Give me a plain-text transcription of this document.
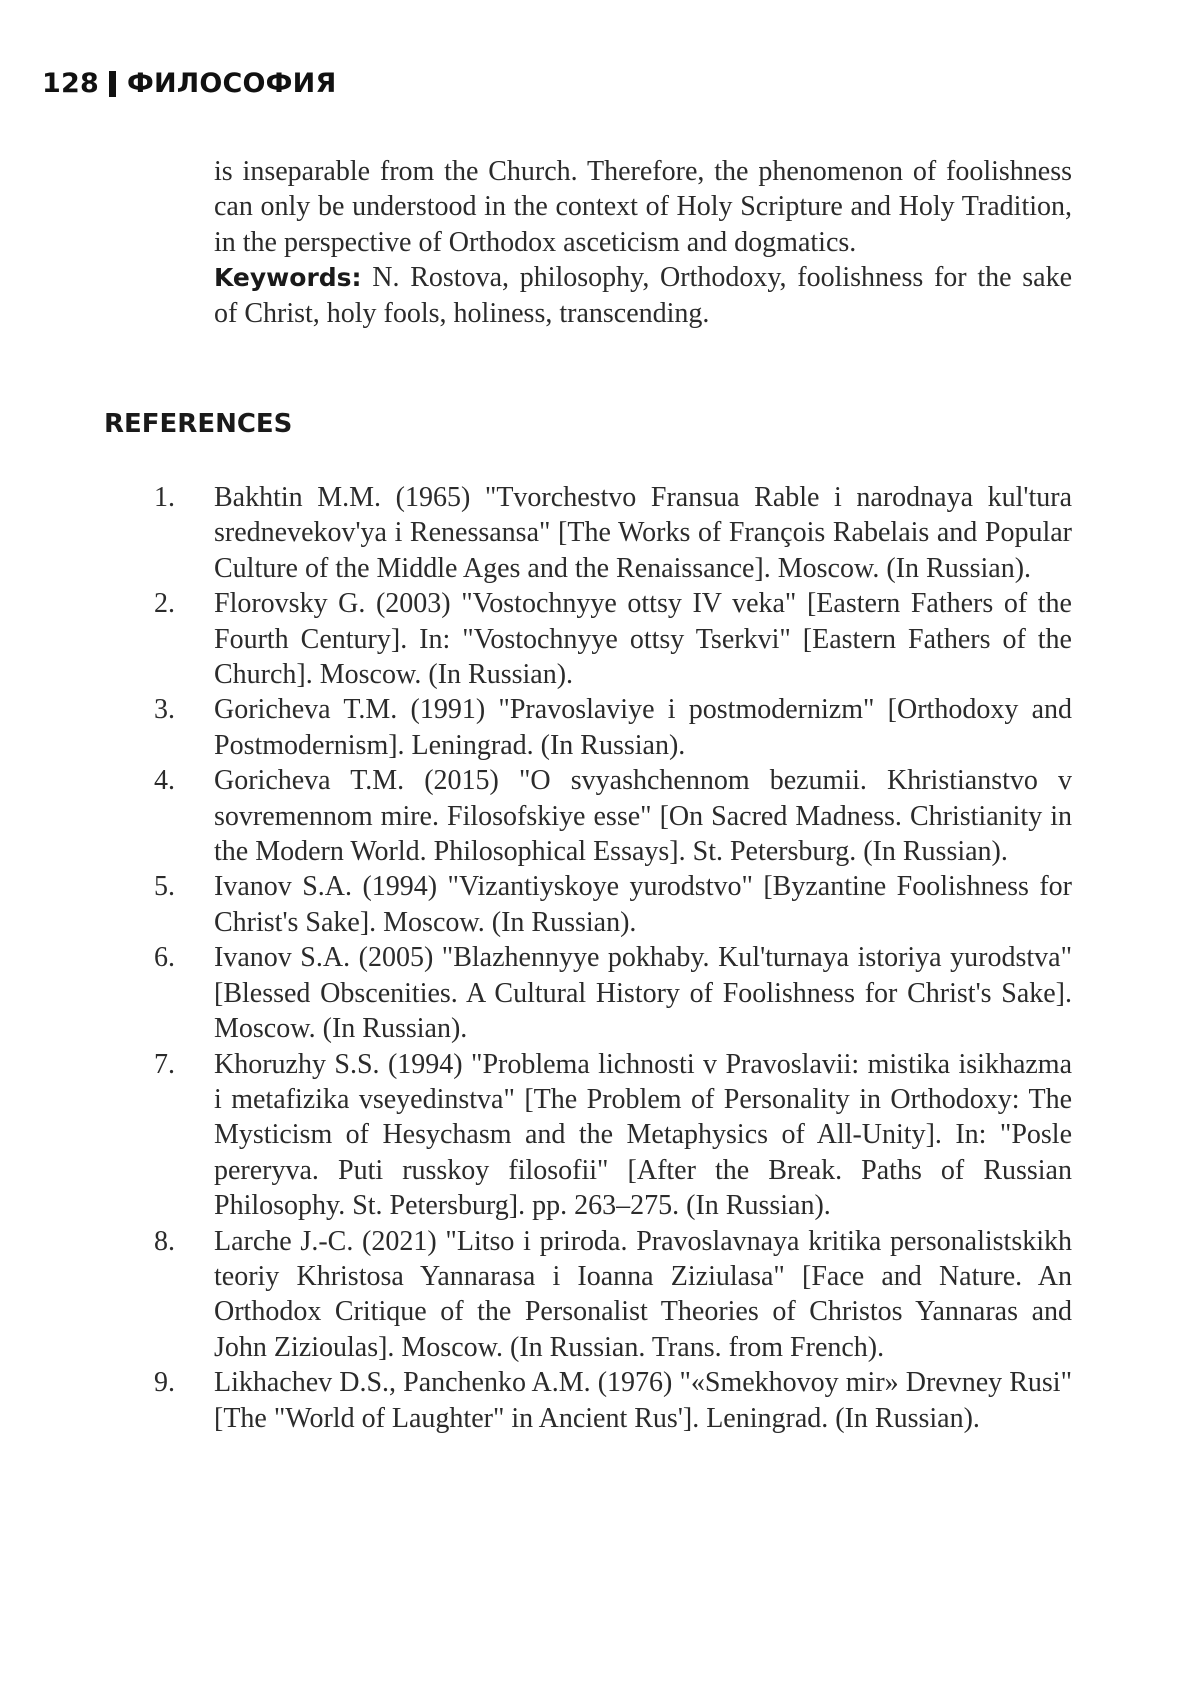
128 ФИЛОСОФИЯ

is inseparable from the Church. Therefore, the phenomenon of foolishness can only be understood in the context of Holy Scripture and Holy Tradition, in the perspective of Orthodox asceticism and dogmatics.

Keywords: N. Rostova, philosophy, Orthodoxy, foolishness for the sake of Christ, holy fools, holiness, transcending.

REFERENCES
1.	Bakhtin M.M. (1965) "Tvorchestvo Fransua Rable i narodnaya kul'tura srednevekov'ya i Renessansa" [The Works of François Rabelais and Popular Culture of the Middle Ages and the Renaissance]. Moscow. (In Russian).
2.	Florovsky G. (2003) "Vostochnyye ottsy IV veka" [Eastern Fathers of the Fourth Century]. In: "Vostochnyye ottsy Tserkvi" [Eastern Fathers of the Church]. Moscow. (In Russian).
3.	Goricheva T.M. (1991) "Pravoslaviye i postmodernizm" [Orthodoxy and Postmodernism]. Leningrad. (In Russian).
4.	Goricheva T.M. (2015) "O svyashchennom bezumii. Khristianstvo v sovremennom mire. Filosofskiye esse" [On Sacred Madness. Christianity in the Modern World. Philosophical Essays]. St. Petersburg. (In Russian).
5.	Ivanov S.A. (1994) "Vizantiyskoye yurodstvo" [Byzantine Foolishness for Christ's Sake]. Moscow. (In Russian).
6.	Ivanov S.A. (2005) "Blazhennyye pokhaby. Kul'turnaya istoriya yurodstva" [Blessed Obscenities. A Cultural History of Foolishness for Christ's Sake]. Moscow. (In Russian).
7.	Khoruzhy S.S. (1994) "Problema lichnosti v Pravoslavii: mistika isikhazma i metafizika vseyedinstva" [The Problem of Personality in Orthodoxy: The Mysticism of Hesychasm and the Metaphysics of All-Unity]. In: "Posle pereryva. Puti russkoy filosofii" [After the Break. Paths of Russian Philosophy. St. Petersburg]. pp. 263–275. (In Russian).
8.	Larche J.-C. (2021) "Litso i priroda. Pravoslavnaya kritika personalistskikh teoriy Khristosa Yannarasa i Ioanna Ziziulasa" [Face and Nature. An Orthodox Critique of the Personalist Theories of Christos Yannaras and John Zizioulas]. Moscow. (In Russian. Trans. from French).
9.	Likhachev D.S., Panchenko A.M. (1976) "«Smekhovoy mir» Drevney Rusi" [The "World of Laughter" in Ancient Rus']. Leningrad. (In Russian).
